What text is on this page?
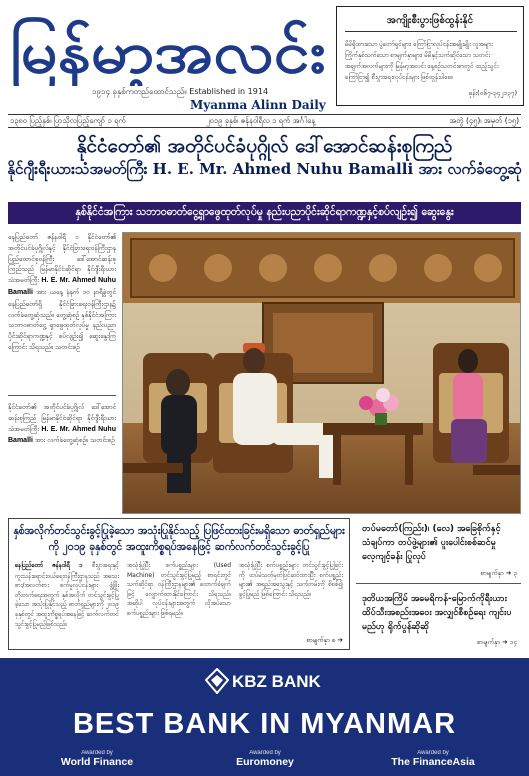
မြန်မာ့အလင်း
၁၉၁၄ ခုနှစ်ကတည်ထောင်သည်။ Established in 1914
Myanma Alinn Daily
အကျိုးစီးပွားဖြစ်ထွန်းနိုင်
မိမိရှိထားသော ပွဲတော်ရှင်များ၊ ကြော်ငြာလုပ်ငန်းအမျိုးမျိုး လူအများကြိုက်နှစ်သက်သော စာမျက်နှာများ၊ မိမိနှင့်သက်ဆိုင်သော သတင်းအချက်အလက်များကို မြန်မာ့အလင်း နေ့စဉ်သတင်းစာတွင် ထည့်သွင်းကြော်ငြာ၍ စီးပွားရေးလုပ်ငန်းများ ဖြစ်ထွန်းပါစေ။
ဖုန်း(၀၆၇-၃၄၂၁၃၇)
၁၃၈၀ ပြည့်နှစ်၊ ပြာသိုလပြည့်ကျော် ၁ ရက်	၂၀၁၉ ခုနှစ်၊ ဇန်နဝါရီလ ၁ ရက် အင်္ဂါနေ့	အတွဲ (၄၅)၊ အမှတ် (၁၅)
နိုင်ငံတော်၏ အတိုင်ပင်ခံပုဂ္ဂိုလ် ဒေါ်အောင်ဆန်းစုကြည်
နိုင်ဂျီးရီးယားသံအမတ်ကြီး H. E. Mr. Ahmed Nuhu Bamalli အား လက်ခံတွေ့ဆုံ
နှစ်နိုင်ငံအကြား သဘာဝဓာတ်ငွေ့ရှာဖွေထုတ်လုပ်မှု နည်းပညာပိုင်းဆိုင်ရာကဏ္ဍနှင့်စပ်လျဉ်း၍ ဆွေးနွေး

နေပြည်တော် ဇန်နဝါရီ ၁ နိုင်ငံတော်၏ အတိုင်ပင်ခံပုဂ္ဂိုလ်နှင့် နိုင်ငံခြားရေးဝန်ကြီးဌာန ပြည်ထောင်စုဝန်ကြီး ဒေါ်အောင်ဆန်းစုကြည်သည် မြန်မာနိုင်ငံဆိုင်ရာ နိုင်ဂျီးရီးယားသံအမတ်ကြီး H. E. Mr. Ahmed Nuhu Bamalli အား ယနေ့ နံနက် ၁၀ နာရီခွဲတွင် နေပြည်တော်ရှိ နိုင်ငံခြားရေးဝန်ကြီးဌာန၌ လက်ခံတွေ့ဆုံသည်။ တွေ့ဆုံစဉ် နှစ်နိုင်ငံအကြား သဘာဝဓာတ်ငွေ့ ရှာဖွေထုတ်လုပ်မှု နည်းပညာပိုင်းဆိုင်ရာကဏ္ဍနှင့် စပ်လျဉ်း၍ ဆွေးနွေးကြကြောင်း သိရသည်။ သတင်းစဉ်

နိုင်ငံတော်၏ အတိုင်ပင်ခံပုဂ္ဂိုလ် ဒေါ်အောင်ဆန်းစုကြည် မြန်မာနိုင်ငံဆိုင်ရာ နိုင်ဂျီးရီးယားသံအမတ်ကြီး H. E. Mr. Ahmed Nuhu Bamalli အား လက်ခံတွေ့ဆုံစဉ်။ သတင်းစဉ်

နှစ်အလိုက်တင်သွင်းခွင့်ပြုခဲ့သော အသုံးပြုနိုင်သည့် ပြဖြင်ထားခြင်းမရှိသော ဓာတ်ရှည်များကို ၂၀၁၉ ခုနှစ်တွင် အထူးကိစ္စရပ်အနေဖြင့် ဆက်လက်တင်သွင်းခွင့်ပြု

နေပြည်တော် ဇန်နဝါရီ ၁ စီးပွားရေးနှင့် ကူးသန်းရောင်းဝယ်ရေးဝန်ကြီးဌာနသည် အသေးစား/အလတ်စား စက်မှုလုပ်ငန်းများ ဖွံ့ဖြိုးတိုးတက်ရေးအတွက် နှစ်အလိုက် တင်သွင်းခွင့်ပြုခဲ့သော အသုံးပြုနိုင်သည့် ဓာတ်ရှည်များကို ၂၀၁၉ ခုနှစ်တွင် အထူးကိစ္စရပ်အနေဖြင့် ဆက်လက်တင်သွင်းခွင့်ပြုမည်ဖြစ်သည်။

အသုံးပြုပြီး စက်ပစ္စည်းများ (Used Machine) တင်သွင်းခွင့်ပြုမည့် စာရင်းတွင် သက်ဆိုင်ရာ ဝန်ကြီးဌာနများ၏ ထောက်ခံချက်ဖြင့် လျှောက်ထားနိုင်ကြောင်း သိရသည်။ အဆိုပါ လုပ်ငန်းများအတွက် လိုအပ်သော စက်ပစ္စည်းများ ဖြစ်ရမည်။

အသုံးပြုပြီး စက်ပစ္စည်းများ တင်သွင်းခွင့်ပြုခြင်းကို ထပ်မံသတ်မှတ်ပြင်ဆင်ထားပြီး စက်ပစ္စည်းများ၏ အရည်အသွေးနှင့် သက်တမ်းကို စိစစ်၍ ခွင့်ပြုမည် ဖြစ်ကြောင်း သိရသည်။

စာမျက်နှာ ၈ ➔
တပ်မတော်(ကြည်း)၊ (လေ) အခြေစိုက်နှင့် သံချပ်ကာ တပ်ဖွဲ့များ၏ ပူးပေါင်းစစ်ဆင်မှု လေ့ကျင့်ခန်း ပြုလုပ်
စာမျက်နှာ ➔ ၃
ဒုတိယအကြိမ် အမေရိကန်-မြောက်ကိုရီးယား ထိပ်သီးအစည်းအဝေး အလျှင်စီစဉ်ရေး ကျင်းပမည်ဟု ရိုက်ပွန်ဆိုဆို
စာမျက်နှာ ➔ ၁၄
KBZ BANK
BEST BANK IN MYANMAR
Awarded by
World Finance
Awarded by
Euromoney
Awarded by
The FinanceAsia
